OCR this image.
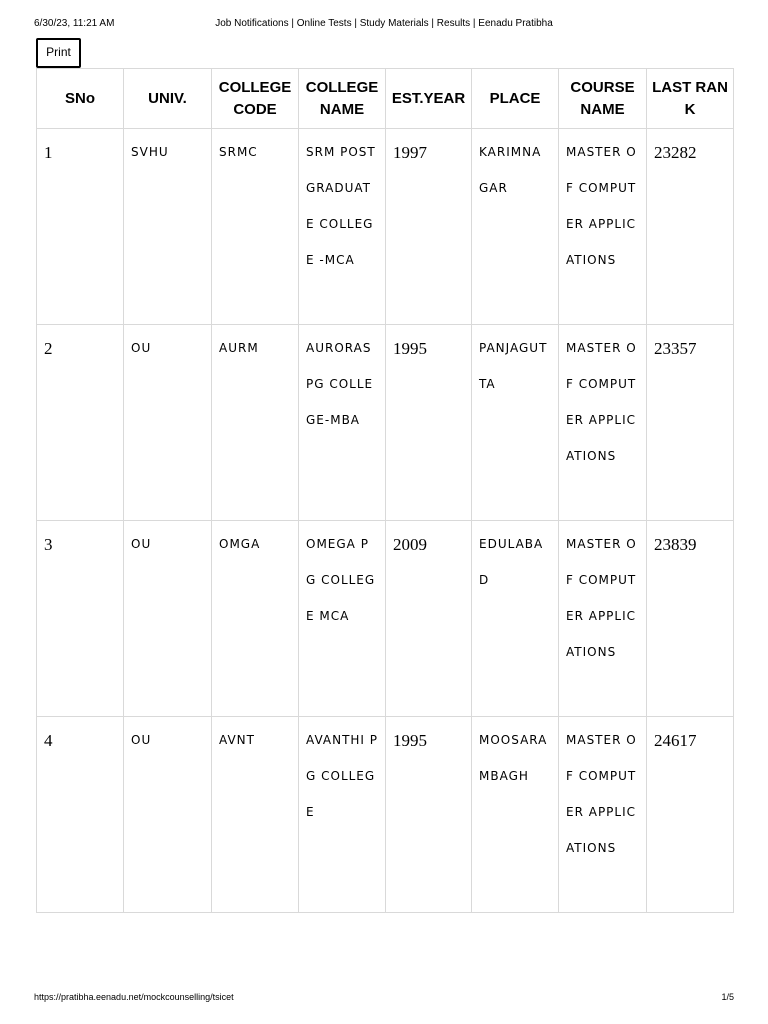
6/30/23, 11:21 AM	Job Notifications | Online Tests | Study Materials | Results | Eenadu Pratibha
Print
SNo	UNIV.	COLLEGE CODE	COLLEGE NAME	EST.YEAR	PLACE	COURSE NAME	LAST RANK
1	SVHU	SRMC	SRM POST GRADUATE COLLEGE -MCA	1997	KARIMNAGAR	MASTER OF COMPUTER APPLICATIONS	23282
2	OU	AURM	AURORAS PG COLLEGE-MBA	1995	PANJAGUTTA	MASTER OF COMPUTER APPLICATIONS	23357
3	OU	OMGA	OMEGA PG COLLEGE MCA	2009	EDULABAD	MASTER OF COMPUTER APPLICATIONS	23839
4	OU	AVNT	AVANTHI PG COLLEGE	1995	MOOSARAMBAGH	MASTER OF COMPUTER APPLICATIONS	24617
https://pratibha.eenadu.net/mockcounselling/tsicet	1/5
